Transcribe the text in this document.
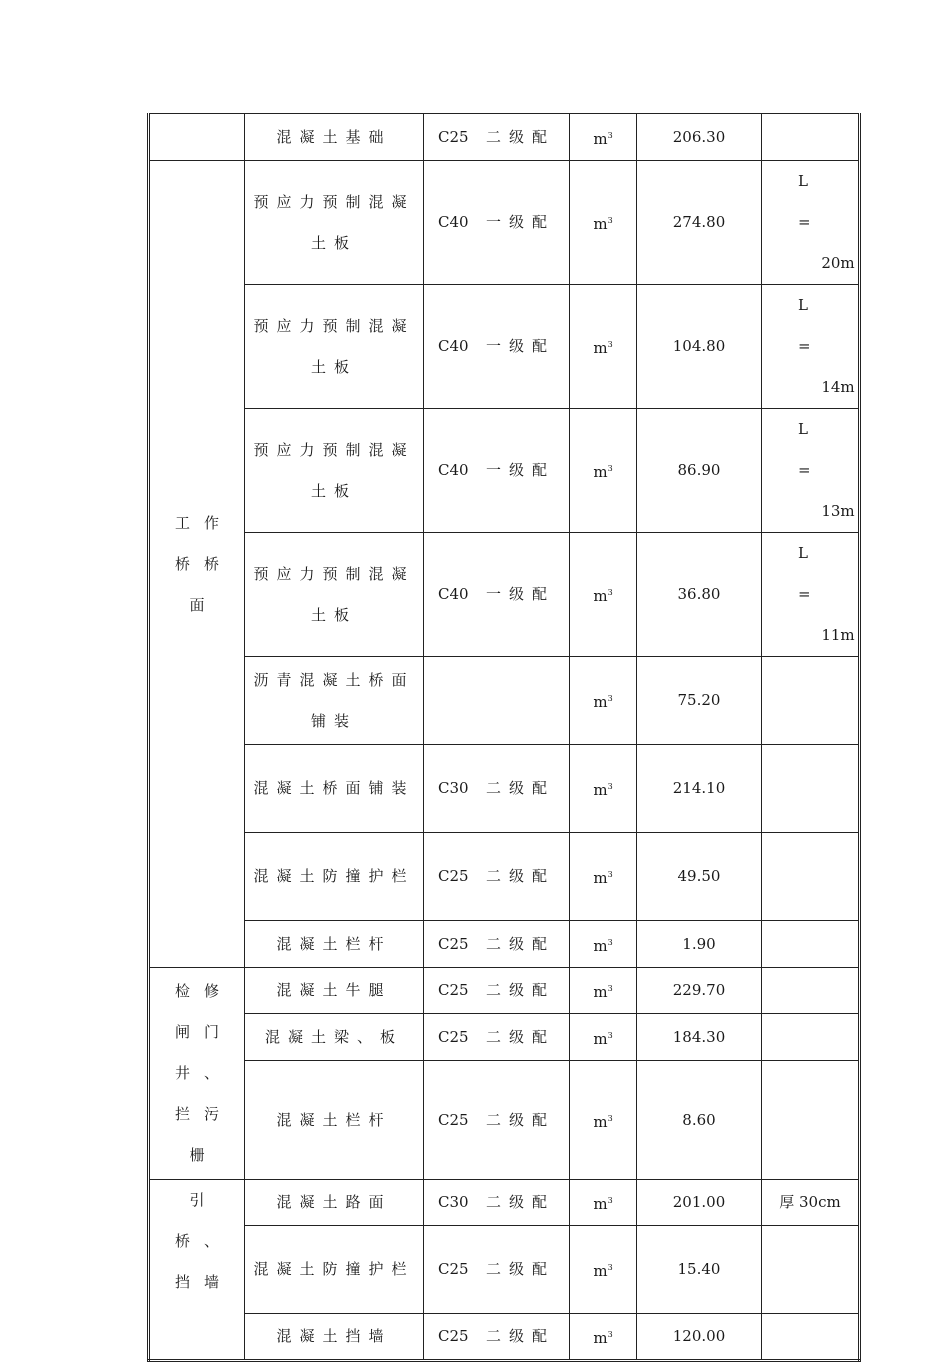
	混凝土基础	C25 二级配	$m^3$	206.30	
工作桥桥面	预应力预制混凝土板	C40 一级配	$m^3$	274.80	L =
20m

	预应力预制混凝土板	C40 一级配	$m^3$	104.80	L =
14m

	预应力预制混凝土板	C40 一级配	$m^3$	86.90	L =
13m

	预应力预制混凝土板	C40 一级配	$m^3$	36.80	L =
11m

	沥青混凝土桥面铺装		$m^3$	75.20	
	混凝土桥面铺装	C30 二级配	$m^3$	214.10	
	混凝土防撞护栏	C25 二级配	$m^3$	49.50	
	混凝土栏杆	C25 二级配	$m^3$	1.90	
检修闸门井、拦污栅	混凝土牛腿	C25 二级配	$m^3$	229.70	
	混凝土梁、板	C25 二级配	$m^3$	184.30	
	混凝土栏杆	C25 二级配	$m^3$	8.60	
引桥、挡墙	混凝土路面	C30 二级配	$m^3$	201.00	厚 30cm
	混凝土防撞护栏	C25 二级配	$m^3$	15.40	
	混凝土挡墙	C25 二级配	$m^3$	120.00	
